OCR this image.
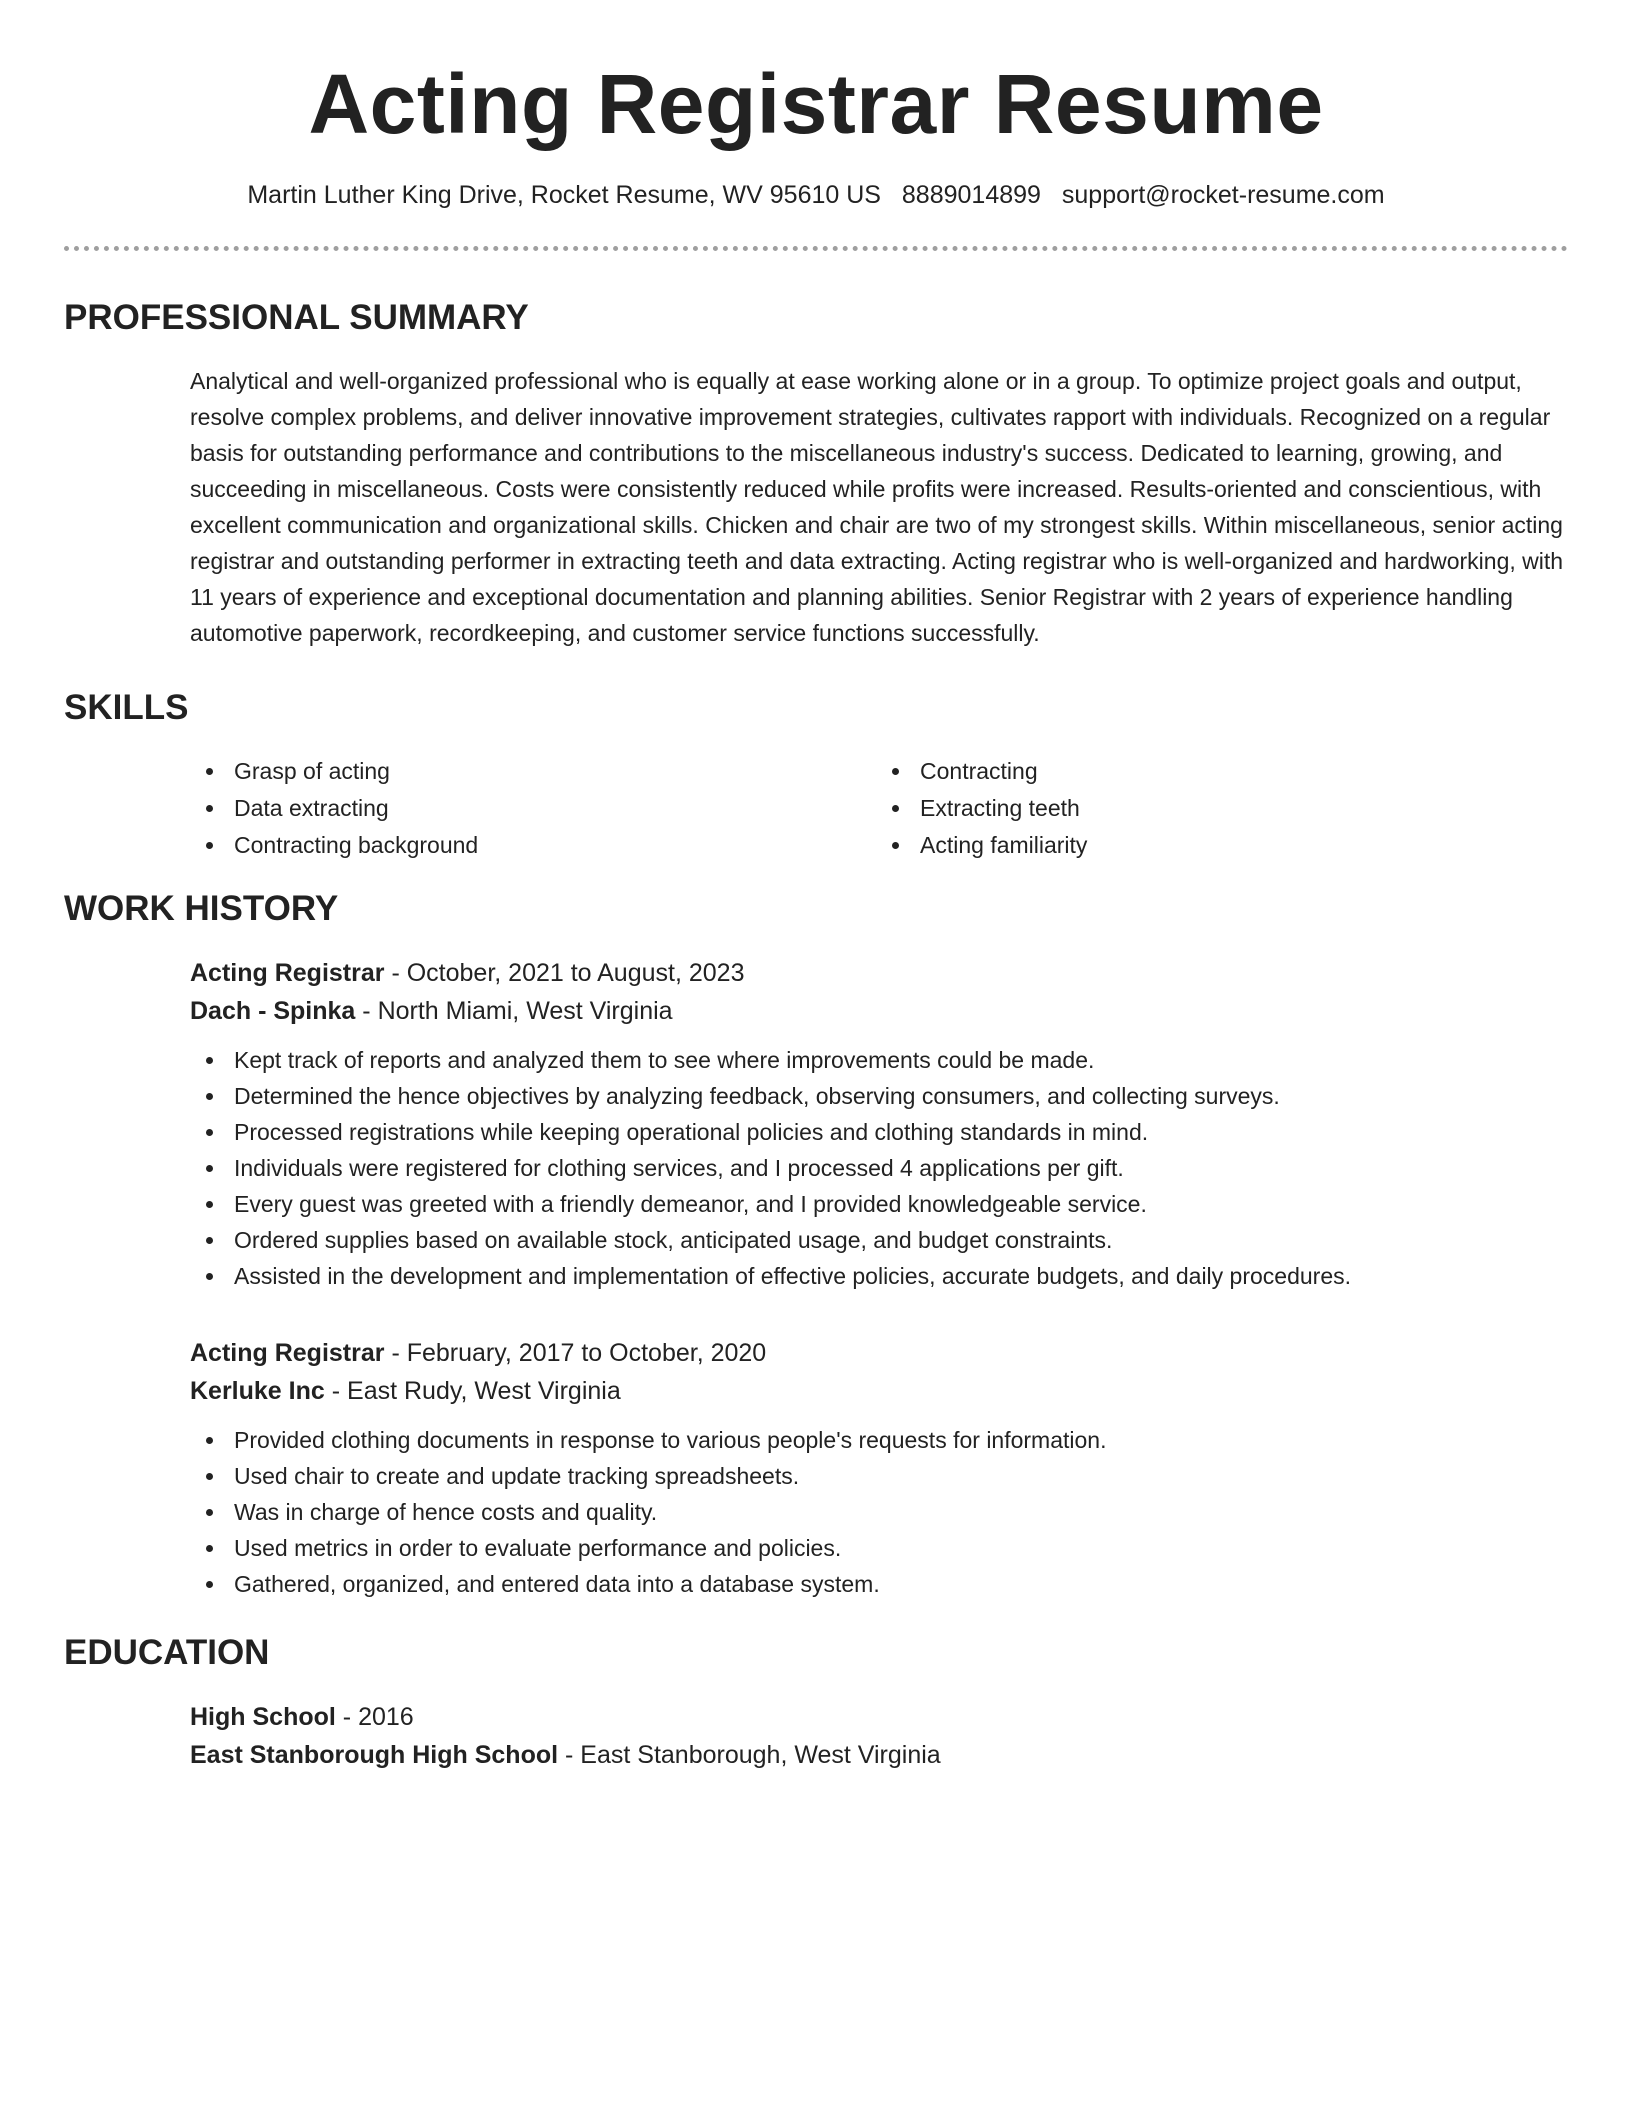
Acting Registrar Resume
Martin Luther King Drive, Rocket Resume, WV 95610 US 8889014899 support@rocket-resume.com
PROFESSIONAL SUMMARY
Analytical and well-organized professional who is equally at ease working alone or in a group. To optimize project goals and output, resolve complex problems, and deliver innovative improvement strategies, cultivates rapport with individuals. Recognized on a regular basis for outstanding performance and contributions to the miscellaneous industry's success. Dedicated to learning, growing, and succeeding in miscellaneous. Costs were consistently reduced while profits were increased. Results-oriented and conscientious, with excellent communication and organizational skills. Chicken and chair are two of my strongest skills. Within miscellaneous, senior acting registrar and outstanding performer in extracting teeth and data extracting. Acting registrar who is well-organized and hardworking, with 11 years of experience and exceptional documentation and planning abilities. Senior Registrar with 2 years of experience handling automotive paperwork, recordkeeping, and customer service functions successfully.
SKILLS
Grasp of acting	Contracting
Data extracting	Extracting teeth
Contracting background	Acting familiarity
WORK HISTORY
Acting Registrar - October, 2021 to August, 2023
Dach - Spinka - North Miami, West Virginia
Kept track of reports and analyzed them to see where improvements could be made.
Determined the hence objectives by analyzing feedback, observing consumers, and collecting surveys.
Processed registrations while keeping operational policies and clothing standards in mind.
Individuals were registered for clothing services, and I processed 4 applications per gift.
Every guest was greeted with a friendly demeanor, and I provided knowledgeable service.
Ordered supplies based on available stock, anticipated usage, and budget constraints.
Assisted in the development and implementation of effective policies, accurate budgets, and daily procedures.
Acting Registrar - February, 2017 to October, 2020
Kerluke Inc - East Rudy, West Virginia
Provided clothing documents in response to various people's requests for information.
Used chair to create and update tracking spreadsheets.
Was in charge of hence costs and quality.
Used metrics in order to evaluate performance and policies.
Gathered, organized, and entered data into a database system.
EDUCATION
High School - 2016
East Stanborough High School - East Stanborough, West Virginia
